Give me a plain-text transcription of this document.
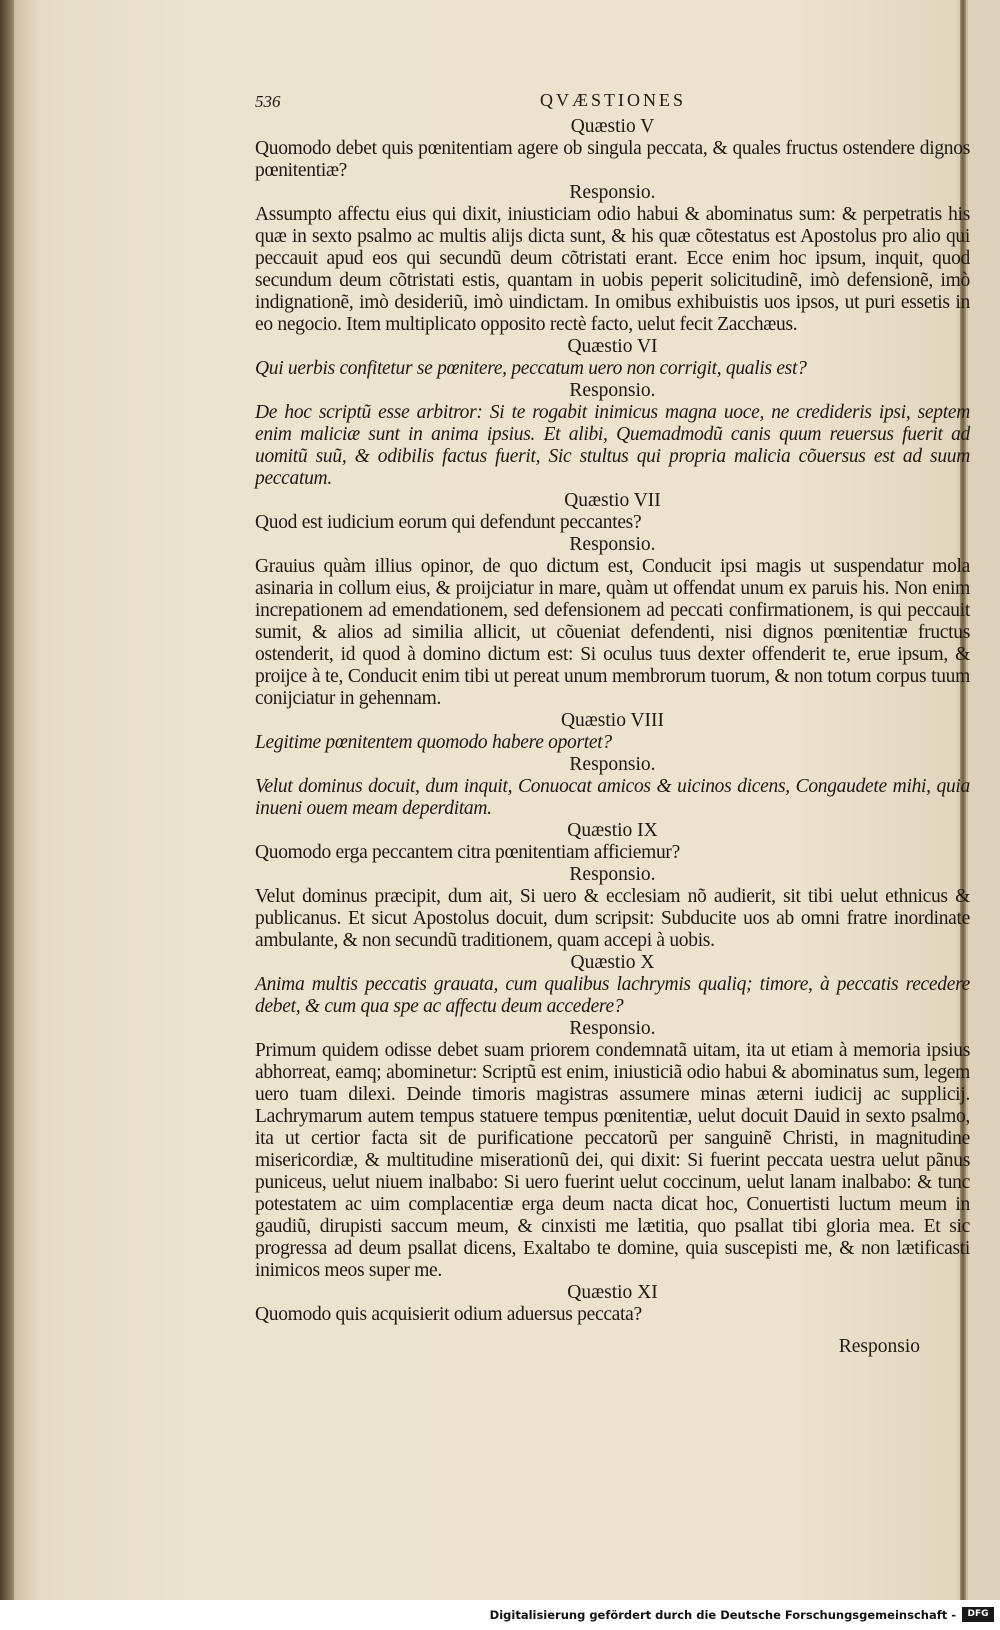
536	QVÆSTIONES
Quæstio V
Quomodo debet quis pœnitentiam agere ob singula peccata, & quales fructus ostendere dignos pœnitentiæ?
Responsio.
Assumpto affectu eius qui dixit, iniusticiam odio habui & abominatus sum: & perpetratis his quæ in sexto psalmo ac multis alijs dicta sunt, & his quæ cõtestatus est Apostolus pro alio qui peccauit apud eos qui secundũ deum cõtristati erant. Ecce enim hoc ipsum, inquit, quod secundum deum cõtristati estis, quantam in uobis peperit solicitudinẽ, imò defensionẽ, imò indignationẽ, imò desideriũ, imò uindictam. In omibus exhibuistis uos ipsos, ut puri essetis in eo negocio. Item multiplicato opposito rectè facto, uelut fecit Zacchæus.
Quæstio VI
Qui uerbis confitetur se pœnitere, peccatum uero non corrigit, qualis est?
Responsio.
De hoc scriptũ esse arbitror: Si te rogabit inimicus magna uoce, ne credideris ipsi, septem enim maliciæ sunt in anima ipsius. Et alibi, Quemadmodũ canis quum reuersus fuerit ad uomitũ suũ, & odibilis factus fuerit, Sic stultus qui propria malicia cõuersus est ad suum peccatum.
Quæstio VII
Quod est iudicium eorum qui defendunt peccantes?
Responsio.
Grauius quàm illius opinor, de quo dictum est, Conducit ipsi magis ut suspendatur mola asinaria in collum eius, & proijciatur in mare, quàm ut offendat unum ex paruis his. Non enim increpationem ad emendationem, sed defensionem ad peccati confirmationem, is qui peccauit sumit, & alios ad similia allicit, ut cõueniat defendenti, nisi dignos pœnitentiæ fructus ostenderit, id quod à domino dictum est: Si oculus tuus dexter offenderit te, erue ipsum, & proijce à te, Conducit enim tibi ut pereat unum membrorum tuorum, & non totum corpus tuum conijciatur in gehennam.
Quæstio VIII
Legitime pœnitentem quomodo habere oportet?
Responsio.
Velut dominus docuit, dum inquit, Conuocat amicos & uicinos dicens, Congaudete mihi, quia inueni ouem meam deperditam.
Quæstio IX
Quomodo erga peccantem citra pœnitentiam afficiemur?
Responsio.
Velut dominus præcipit, dum ait, Si uero & ecclesiam nõ audierit, sit tibi uelut ethnicus & publicanus. Et sicut Apostolus docuit, dum scripsit: Subducite uos ab omni fratre inordinate ambulante, & non secundũ traditionem, quam accepi à uobis.
Quæstio X
Anima multis peccatis grauata, cum qualibus lachrymis qualiq; timore, à peccatis recedere debet, & cum qua spe ac affectu deum accedere?
Responsio.
Primum quidem odisse debet suam priorem condemnatã uitam, ita ut etiam à memoria ipsius abhorreat, eamq; abominetur: Scriptũ est enim, iniusticiã odio habui & abominatus sum, legem uero tuam dilexi. Deinde timoris magistras assumere minas æterni iudicij ac supplicij. Lachrymarum autem tempus statuere tempus pœnitentiæ, uelut docuit Dauid in sexto psalmo, ita ut certior facta sit de purificatione peccatorũ per sanguinẽ Christi, in magnitudine misericordiæ, & multitudine miserationũ dei, qui dixit: Si fuerint peccata uestra uelut pãnus puniceus, uelut niuem inalbabo: Si uero fuerint uelut coccinum, uelut lanam inalbabo: & tunc potestatem ac uim complacentiæ erga deum nacta dicat hoc, Conuertisti luctum meum in gaudiũ, dirupisti saccum meum, & cinxisti me lætitia, quo psallat tibi gloria mea. Et sic progressa ad deum psallat dicens, Exaltabo te domine, quia suscepisti me, & non lætificasti inimicos meos super me.
Quæstio XI
Quomodo quis acquisierit odium aduersus peccata?
Responsio
Digitalisierung gefördert durch die Deutsche Forschungsgemeinschaft -	DFG
